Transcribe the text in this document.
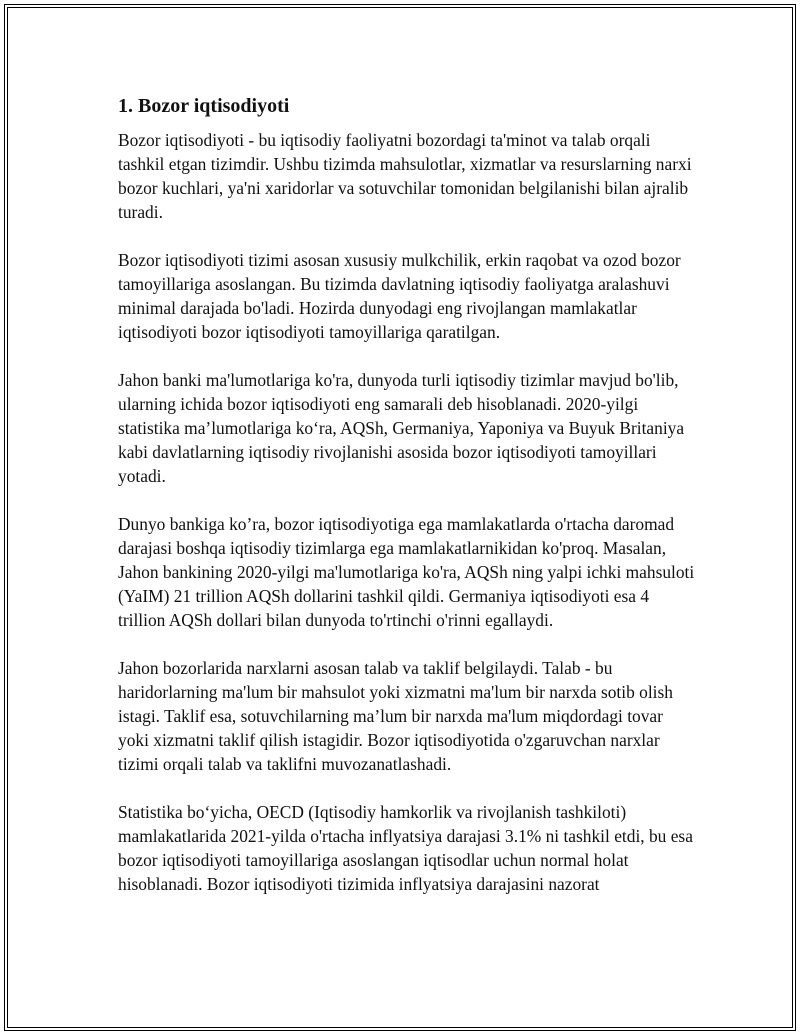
1. Bozor iqtisodiyoti

Bozor iqtisodiyoti - bu iqtisodiy faoliyatni bozordagi ta'minot va talab orqali tashkil etgan tizimdir. Ushbu tizimda mahsulotlar, xizmatlar va resurslarning narxi bozor kuchlari, ya'ni xaridorlar va sotuvchilar tomonidan belgilanishi bilan ajralib turadi.

Bozor iqtisodiyoti tizimi asosan xususiy mulkchilik, erkin raqobat va ozod bozor tamoyillariga asoslangan. Bu tizimda davlatning iqtisodiy faoliyatga aralashuvi minimal darajada bo'ladi. Hozirda dunyodagi eng rivojlangan mamlakatlar iqtisodiyoti bozor iqtisodiyoti tamoyillariga qaratilgan.

Jahon banki ma'lumotlariga ko'ra, dunyoda turli iqtisodiy tizimlar mavjud bo'lib, ularning ichida bozor iqtisodiyoti eng samarali deb hisoblanadi. 2020-yilgi statistika ma’lumotlariga koʻra, AQSh, Germaniya, Yaponiya va Buyuk Britaniya kabi davlatlarning iqtisodiy rivojlanishi asosida bozor iqtisodiyoti tamoyillari yotadi.

Dunyo bankiga ko’ra, bozor iqtisodiyotiga ega mamlakatlarda o'rtacha daromad darajasi boshqa iqtisodiy tizimlarga ega mamlakatlarnikidan ko'proq. Masalan, Jahon bankining 2020-yilgi ma'lumotlariga ko'ra, AQSh ning yalpi ichki mahsuloti (YaIM) 21 trillion AQSh dollarini tashkil qildi. Germaniya iqtisodiyoti esa 4 trillion AQSh dollari bilan dunyoda to'rtinchi o'rinni egallaydi.

Jahon bozorlarida narxlarni asosan talab va taklif belgilaydi. Talab - bu haridorlarning ma'lum bir mahsulot yoki xizmatni ma'lum bir narxda sotib olish istagi. Taklif esa, sotuvchilarning ma’lum bir narxda ma'lum miqdordagi tovar yoki xizmatni taklif qilish istagidir. Bozor iqtisodiyotida o'zgaruvchan narxlar tizimi orqali talab va taklifni muvozanatlashadi.

Statistika boʻyicha, OECD (Iqtisodiy hamkorlik va rivojlanish tashkiloti) mamlakatlarida 2021-yilda o'rtacha inflyatsiya darajasi 3.1% ni tashkil etdi, bu esa bozor iqtisodiyoti tamoyillariga asoslangan iqtisodlar uchun normal holat hisoblanadi. Bozor iqtisodiyoti tizimida inflyatsiya darajasini nazorat
